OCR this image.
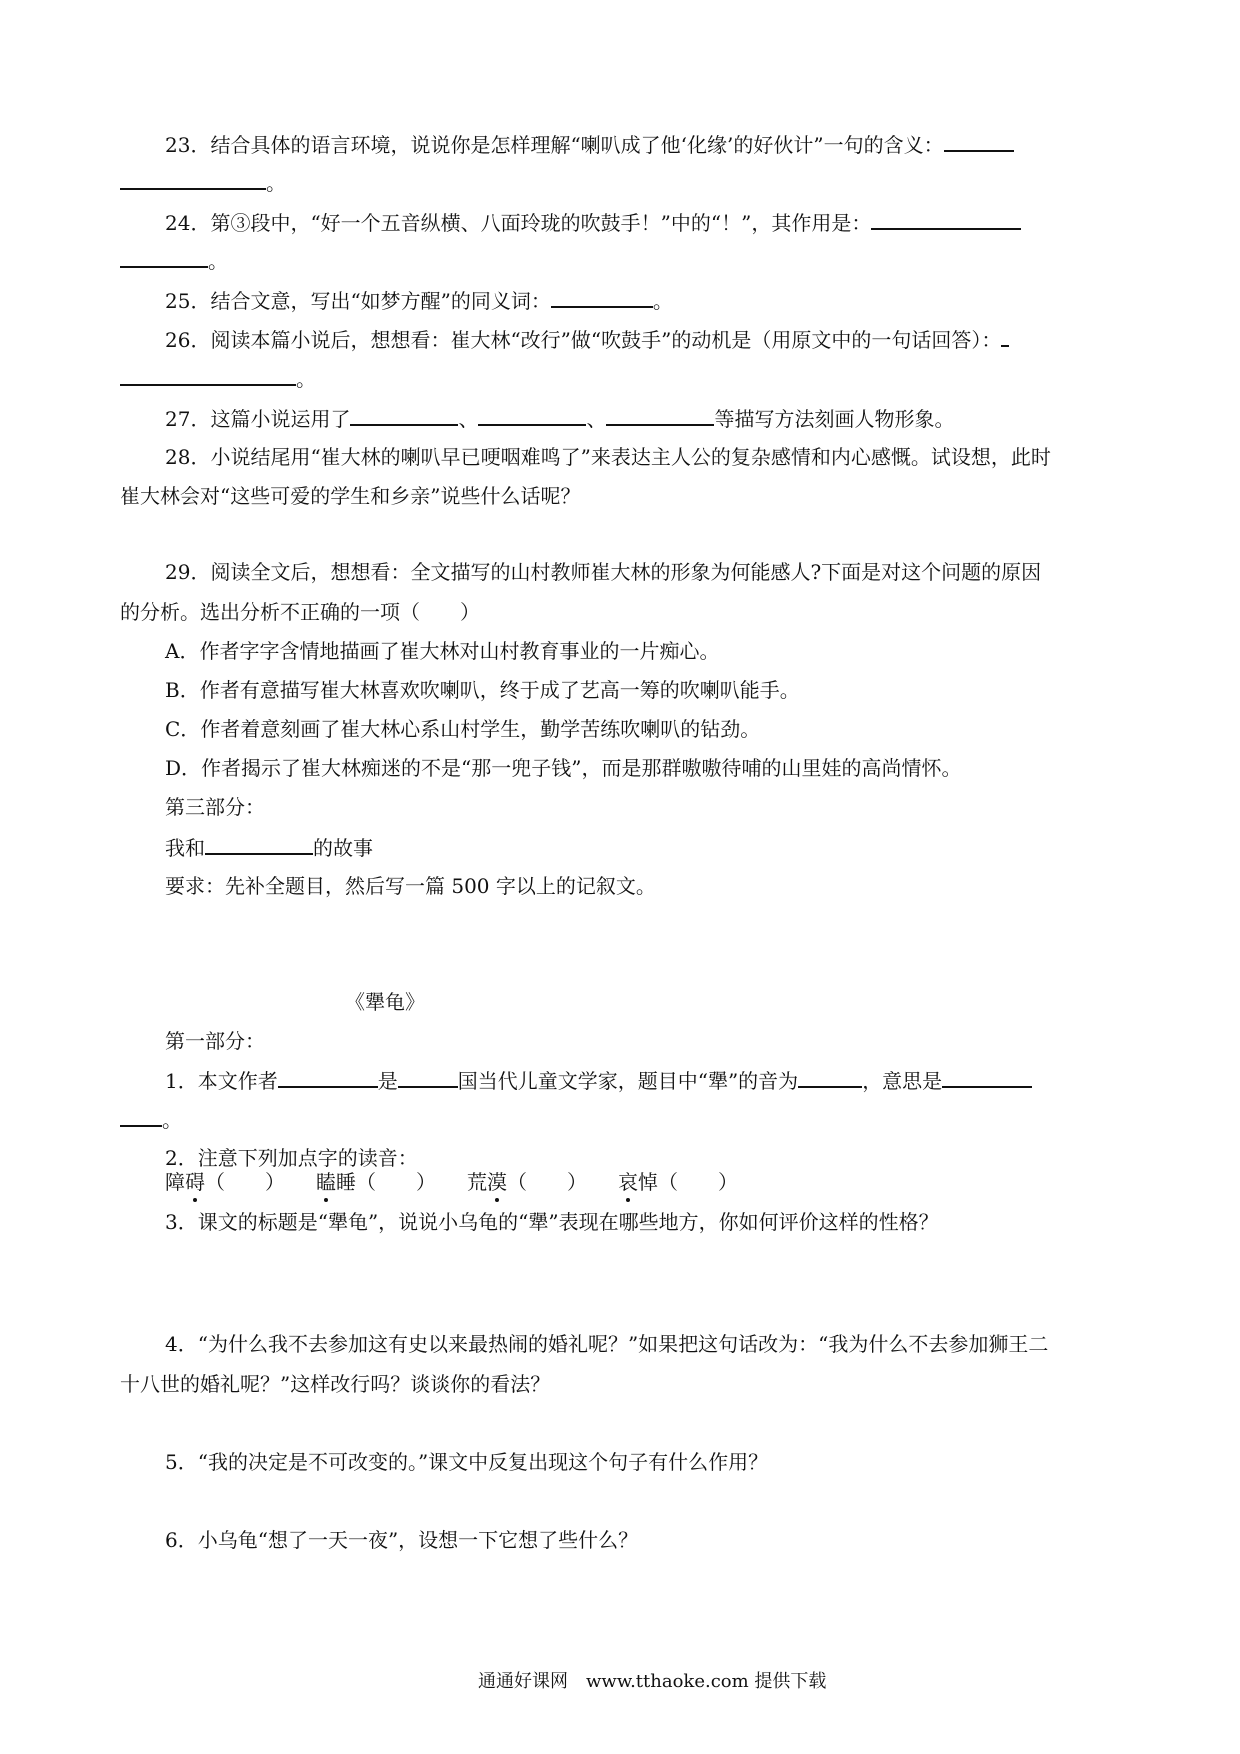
23．结合具体的语言环境，说说你是怎样理解“喇叭成了他‘化缘’的好伙计”一句的含义：
。
24．第③段中，“好一个五音纵横、八面玲珑的吹鼓手！”中的“！”，其作用是：
。
25．结合文意，写出“如梦方醒”的同义词：	。
26．阅读本篇小说后，想想看：崔大林“改行”做“吹鼓手”的动机是（用原文中的一句话回答）：
。
27．这篇小说运用了	、	、	等描写方法刻画人物形象。
28．小说结尾用“崔大林的喇叭早已哽咽难鸣了”来表达主人公的复杂感情和内心感慨。试设想，此时
崔大林会对“这些可爱的学生和乡亲”说些什么话呢？
29．阅读全文后，想想看：全文描写的山村教师崔大林的形象为何能感人?下面是对这个问题的原因
的分析。选出分析不正确的一项（　　）
A．作者字字含情地描画了崔大林对山村教育事业的一片痴心。
B．作者有意描写崔大林喜欢吹喇叭，终于成了艺高一筹的吹喇叭能手。
C．作者着意刻画了崔大林心系山村学生，勤学苦练吹喇叭的钻劲。
D．作者揭示了崔大林痴迷的不是“那一兜子钱”，而是那群嗷嗷待哺的山里娃的高尚情怀。
第三部分：
我和	的故事
要求：先补全题目，然后写一篇 500 字以上的记叙文。
《犟龟》
第一部分：
1．本文作者	是	国当代儿童文学家，题目中“犟”的音为	，意思是
。
2．注意下列加点字的读音：
障碍（　　） 瞌睡（　　） 荒漠（　　） 哀悼（　　）
3．课文的标题是“犟龟”，说说小乌龟的“犟”表现在哪些地方，你如何评价这样的性格？
4．“为什么我不去参加这有史以来最热闹的婚礼呢？”如果把这句话改为：“我为什么不去参加狮王二
十八世的婚礼呢？”这样改行吗？谈谈你的看法？
5．“我的决定是不可改变的。”课文中反复出现这个句子有什么作用？
6．小乌龟“想了一天一夜”，设想一下它想了些什么？
通通好课网　www.tthaoke.com 提供下载
